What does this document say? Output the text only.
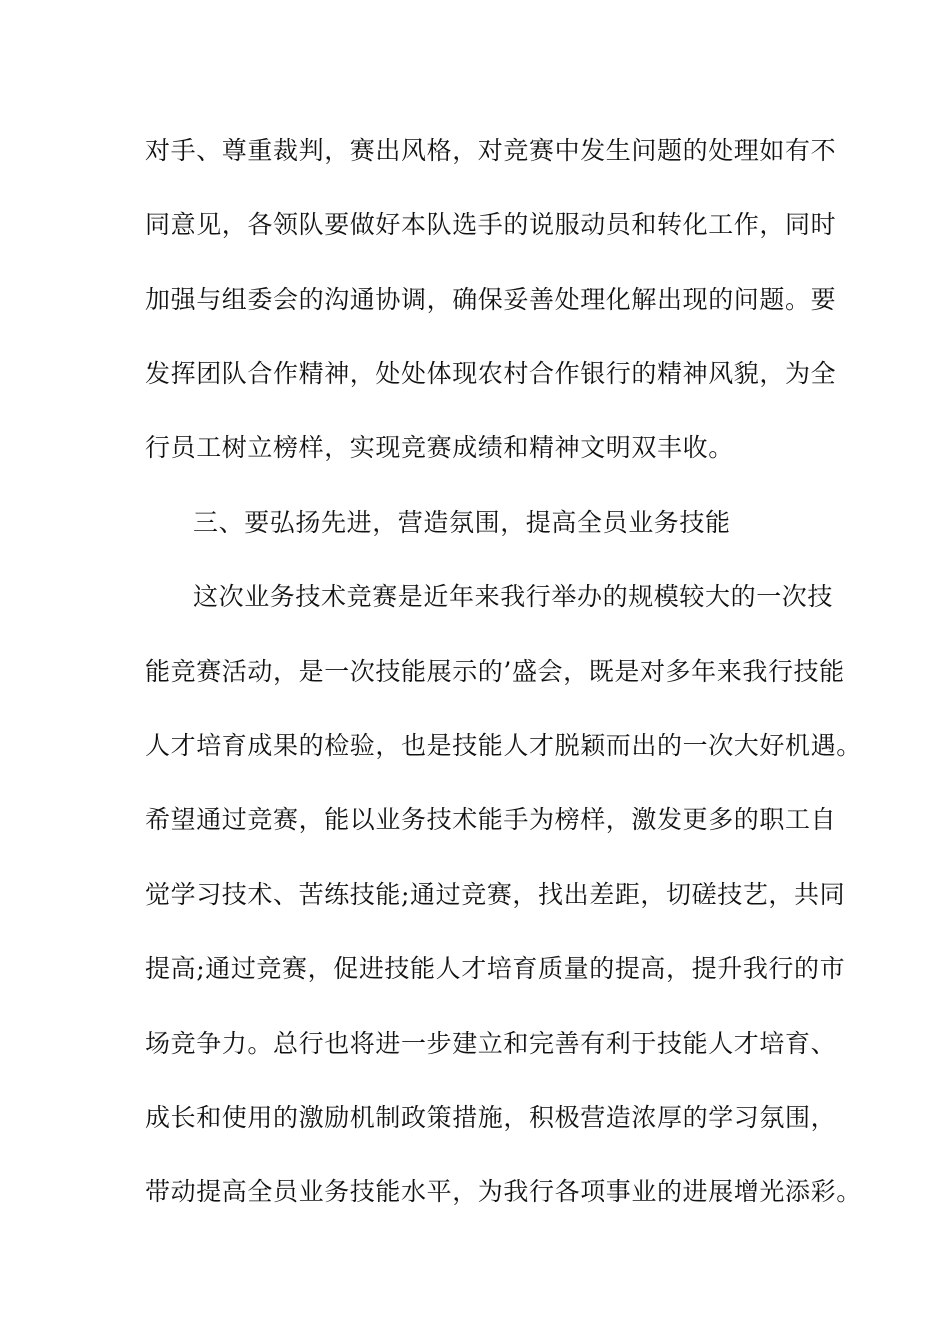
对手、尊重裁判，赛出风格，对竞赛中发生问题的处理如有不
同意见，各领队要做好本队选手的说服动员和转化工作，同时
加强与组委会的沟通协调，确保妥善处理化解出现的问题。要
发挥团队合作精神，处处体现农村合作银行的精神风貌，为全
行员工树立榜样，实现竞赛成绩和精神文明双丰收。
三、要弘扬先进，营造氛围，提高全员业务技能
这次业务技术竞赛是近年来我行举办的规模较大的一次技
能竞赛活动，是一次技能展示的’盛会，既是对多年来我行技能
人才培育成果的检验，也是技能人才脱颖而出的一次大好机遇。
希望通过竞赛，能以业务技术能手为榜样，激发更多的职工自
觉学习技术、苦练技能;通过竞赛，找出差距，切磋技艺，共同
提高;通过竞赛，促进技能人才培育质量的提高，提升我行的市
场竞争力。总行也将进一步建立和完善有利于技能人才培育、
成长和使用的激励机制政策措施，积极营造浓厚的学习氛围，
带动提高全员业务技能水平，为我行各项事业的进展增光添彩。
